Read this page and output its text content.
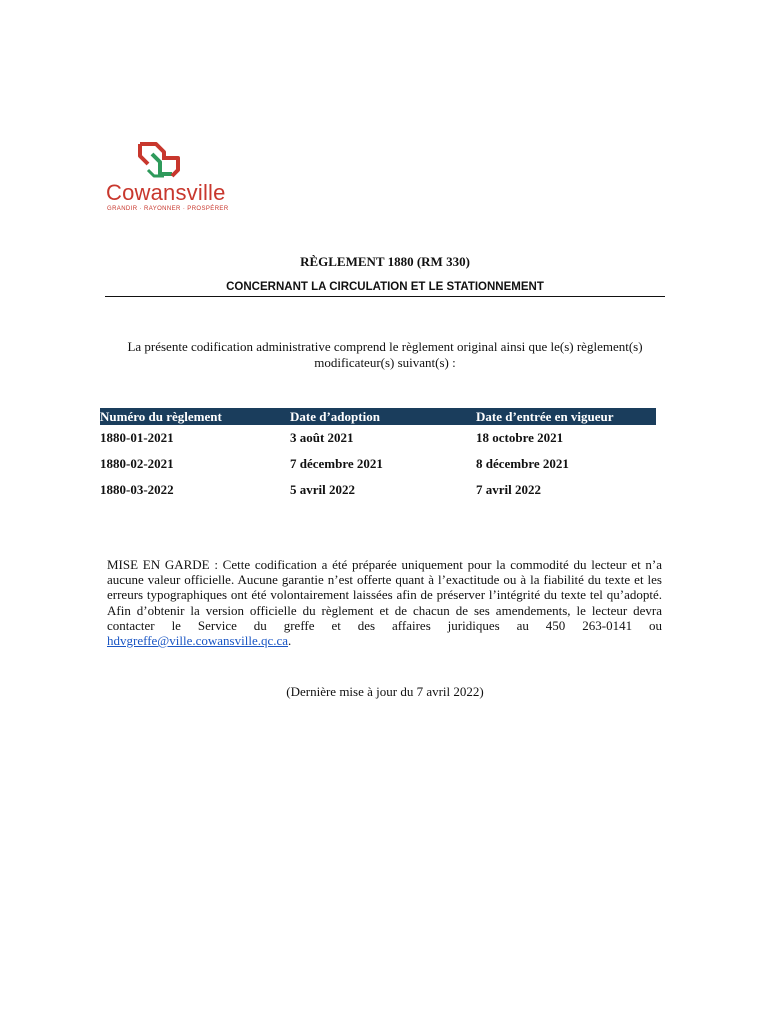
Cowansville
GRANDIR · RAYONNER · PROSPÉRER
RÈGLEMENT 1880 (RM 330)
CONCERNANT LA CIRCULATION ET LE STATIONNEMENT
La présente codification administrative comprend le règlement original ainsi que le(s) règlement(s) modificateur(s) suivant(s) :
Numéro du règlement	Date d’adoption	Date d’entrée en vigueur
1880-01-2021	3 août 2021	18 octobre 2021
1880-02-2021	7 décembre 2021	8 décembre 2021
1880-03-2022	5 avril 2022	7 avril 2022
MISE EN GARDE : Cette codification a été préparée uniquement pour la commodité du lecteur et n’a aucune valeur officielle. Aucune garantie n’est offerte quant à l’exactitude ou à la fiabilité du texte et les erreurs typographiques ont été volontairement laissées afin de préserver l’intégrité du texte tel qu’adopté. Afin d’obtenir la version officielle du règlement et de chacun de ses amendements, le lecteur devra contacter le Service du greffe et des affaires juridiques au 450 263-0141 ou hdvgreffe@ville.cowansville.qc.ca.
(Dernière mise à jour du 7 avril 2022)
